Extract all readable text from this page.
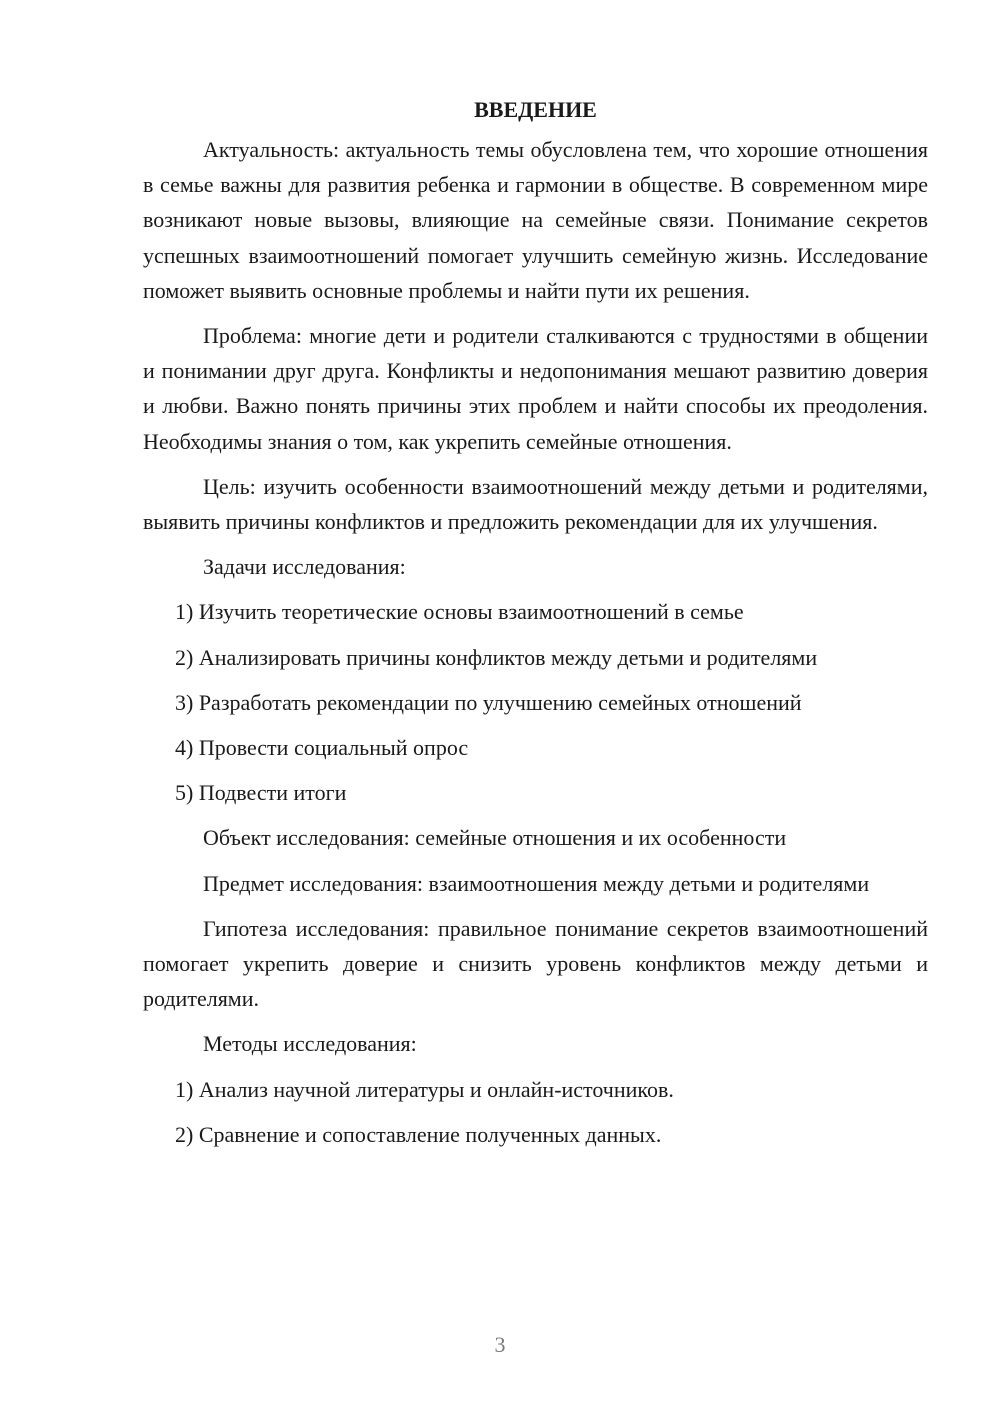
ВВЕДЕНИЕ

Актуальность: актуальность темы обусловлена тем, что хорошие отношения в семье важны для развития ребенка и гармонии в обществе. В современном мире возникают новые вызовы, влияющие на семейные связи. Понимание секретов успешных взаимоотношений помогает улучшить семейную жизнь. Исследование поможет выявить основные проблемы и найти пути их решения.

Проблема: многие дети и родители сталкиваются с трудностями в общении и понимании друг друга. Конфликты и недопонимания мешают развитию доверия и любви. Важно понять причины этих проблем и найти способы их преодоления. Необходимы знания о том, как укрепить семейные отношения.

Цель: изучить особенности взаимоотношений между детьми и родителями, выявить причины конфликтов и предложить рекомендации для их улучшения.

Задачи исследования:

1) Изучить теоретические основы взаимоотношений в семье

2) Анализировать причины конфликтов между детьми и родителями

3) Разработать рекомендации по улучшению семейных отношений

4) Провести социальный опрос

5) Подвести итоги

Объект исследования: семейные отношения и их особенности

Предмет исследования: взаимоотношения между детьми и родителями

Гипотеза исследования: правильное понимание секретов взаимоотношений помогает укрепить доверие и снизить уровень конфликтов между детьми и родителями.

Методы исследования:

1) Анализ научной литературы и онлайн-источников.

2) Сравнение и сопоставление полученных данных.

3
